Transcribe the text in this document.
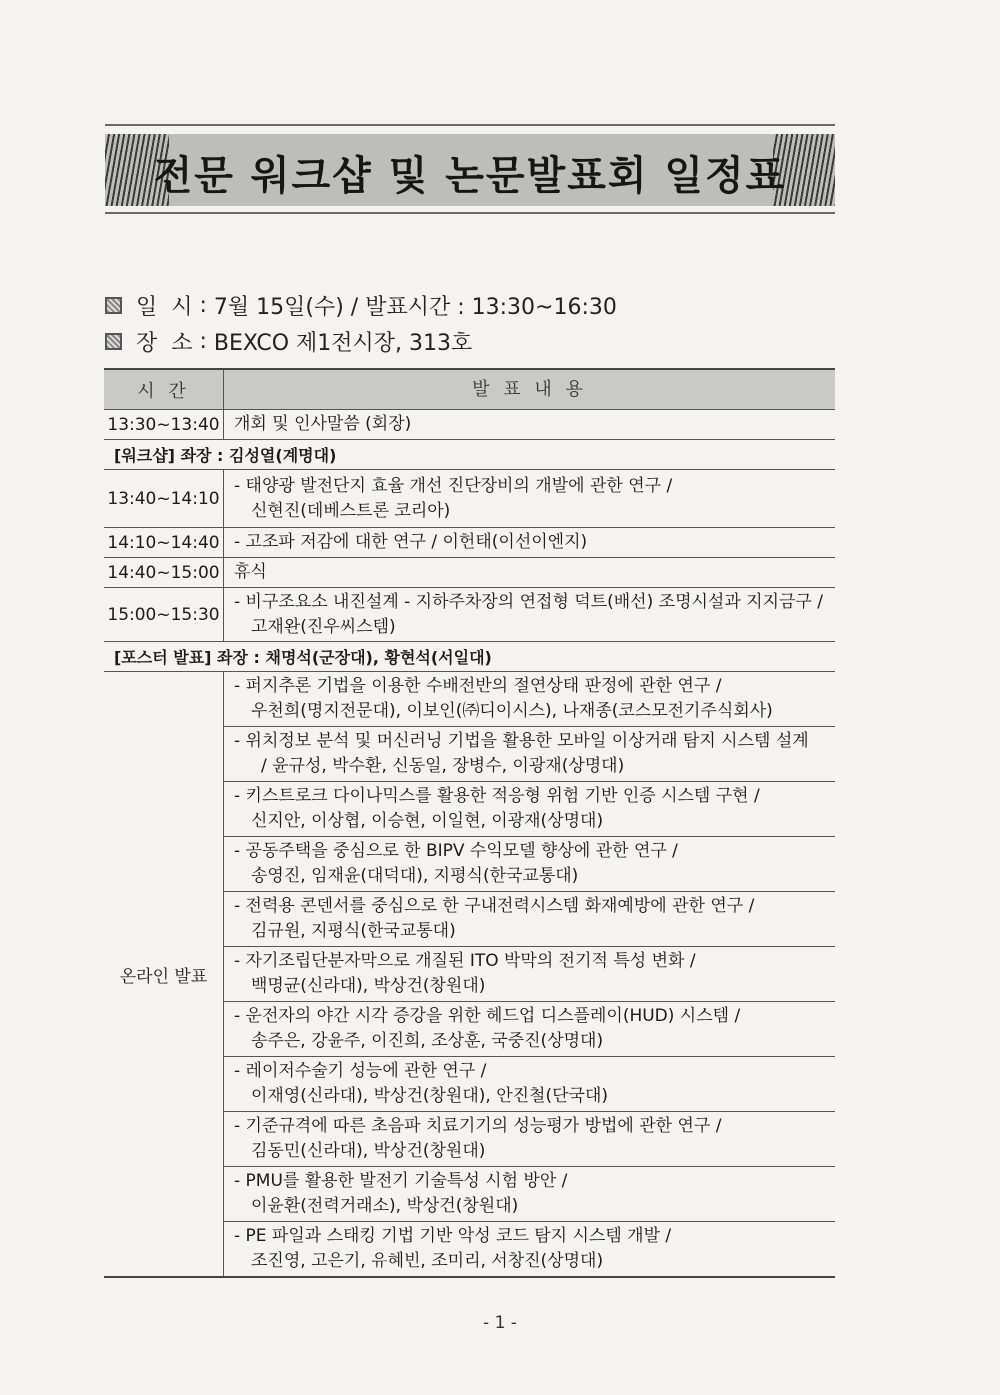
전문 워크샵 및 논문발표회 일정표
일  시 : 7월 15일(수) / 발표시간 : 13:30~16:30
장  소 : BEXCO 제1전시장, 313호
시 간	발 표 내 용
13:30~13:40 개회 및 인사말씀 (회장)
[워크샵] 좌장 : 김성열(계명대)
13:40~14:10
- 태양광 발전단지 효율 개선 진단장비의 개발에 관한 연구 /
신현진(데베스트론 코리아)
14:10~14:40 - 고조파 저감에 대한 연구 / 이헌태(이선이엔지)
14:40~15:00 휴식
15:00~15:30
- 비구조요소 내진설계 - 지하주차장의 연접형 덕트(배선) 조명시설과 지지금구 /
고재완(진우씨스템)
[포스터 발표] 좌장 : 채명석(군장대), 황현석(서일대)
온라인 발표
- 퍼지추론 기법을 이용한 수배전반의 절연상태 판정에 관한 연구 /
우천희(명지전문대), 이보인(㈜디이시스), 나재종(코스모전기주식회사)
- 위치정보 분석 및 머신러닝 기법을 활용한 모바일 이상거래 탐지 시스템 설계
/ 윤규성, 박수환, 신동일, 장병수, 이광재(상명대)
- 키스트로크 다이나믹스를 활용한 적응형 위험 기반 인증 시스템 구현 /
신지안, 이상협, 이승현, 이일현, 이광재(상명대)
- 공동주택을 중심으로 한 BIPV 수익모델 향상에 관한 연구 /
송영진, 임재윤(대덕대), 지평식(한국교통대)
- 전력용 콘덴서를 중심으로 한 구내전력시스템 화재예방에 관한 연구 /
김규원, 지평식(한국교통대)
- 자기조립단분자막으로 개질된 ITO 박막의 전기적 특성 변화 /
백명균(신라대), 박상건(창원대)
- 운전자의 야간 시각 증강을 위한 헤드업 디스플레이(HUD) 시스템 /
송주은, 강윤주, 이진희, 조상훈, 국중진(상명대)
- 레이저수술기 성능에 관한 연구 /
이재영(신라대), 박상건(창원대), 안진철(단국대)
- 기준규격에 따른 초음파 치료기기의 성능평가 방법에 관한 연구 /
김동민(신라대), 박상건(창원대)
- PMU를 활용한 발전기 기술특성 시험 방안 /
이윤환(전력거래소), 박상건(창원대)
- PE 파일과 스태킹 기법 기반 악성 코드 탐지 시스템 개발 /
조진영, 고은기, 유혜빈, 조미리, 서창진(상명대)
- 1 -
